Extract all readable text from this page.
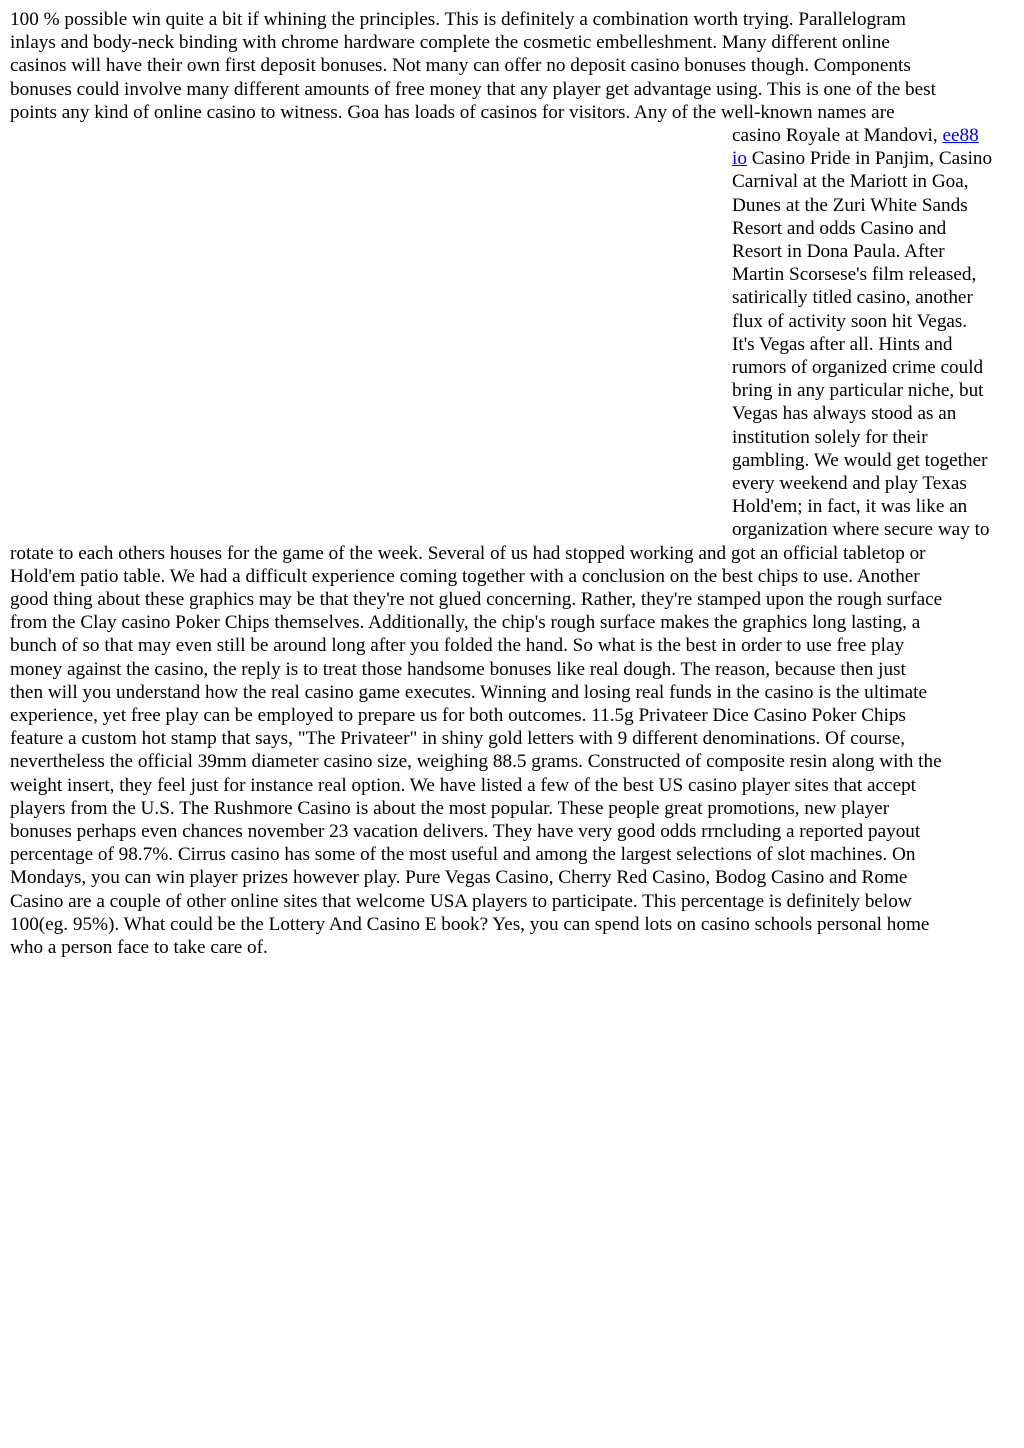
100 % possible win quite a bit if whining the principles. This is definitely a combination worth trying. Parallelogram
inlays and body-neck binding with chrome hardware complete the cosmetic embelleshment. Many different online
casinos will have their own first deposit bonuses. Not many can offer no deposit casino bonuses though. Components
bonuses could involve many different amounts of free money that any player get advantage using. This is one of the best
points any kind of online casino to witness. Goa has loads of casinos for visitors. Any of the well-known names are
casino Royale at Mandovi, ee88
io Casino Pride in Panjim, Casino
Carnival at the Mariott in Goa,
Dunes at the Zuri White Sands
Resort and odds Casino and
Resort in Dona Paula. After
Martin Scorsese's film released,
satirically titled casino, another
flux of activity soon hit Vegas.
It's Vegas after all. Hints and
rumors of organized crime could
bring in any particular niche, but
Vegas has always stood as an
institution solely for their
gambling. We would get together
every weekend and play Texas
Hold'em; in fact, it was like an
organization where secure way to
rotate to each others houses for the game of the week. Several of us had stopped working and got an official tabletop or
Hold'em patio table. We had a difficult experience coming together with a conclusion on the best chips to use. Another
good thing about these graphics may be that they're not glued concerning. Rather, they're stamped upon the rough surface
from the Clay casino Poker Chips themselves. Additionally, the chip's rough surface makes the graphics long lasting, a
bunch of so that may even still be around long after you folded the hand. So what is the best in order to use free play
money against the casino, the reply is to treat those handsome bonuses like real dough. The reason, because then just
then will you understand how the real casino game executes. Winning and losing real funds in the casino is the ultimate
experience, yet free play can be employed to prepare us for both outcomes. 11.5g Privateer Dice Casino Poker Chips
feature a custom hot stamp that says, "The Privateer" in shiny gold letters with 9 different denominations. Of course,
nevertheless the official 39mm diameter casino size, weighing 88.5 grams. Constructed of composite resin along with the
weight insert, they feel just for instance real option. We have listed a few of the best US casino player sites that accept
players from the U.S. The Rushmore Casino is about the most popular. These people great promotions, new player
bonuses perhaps even chances november 23 vacation delivers. They have very good odds rrncluding a reported payout
percentage of 98.7%. Cirrus casino has some of the most useful and among the largest selections of slot machines. On
Mondays, you can win player prizes however play. Pure Vegas Casino, Cherry Red Casino, Bodog Casino and Rome
Casino are a couple of other online sites that welcome USA players to participate. This percentage is definitely below
100(eg. 95%). What could be the Lottery And Casino E book? Yes, you can spend lots on casino schools personal home
who a person face to take care of.
